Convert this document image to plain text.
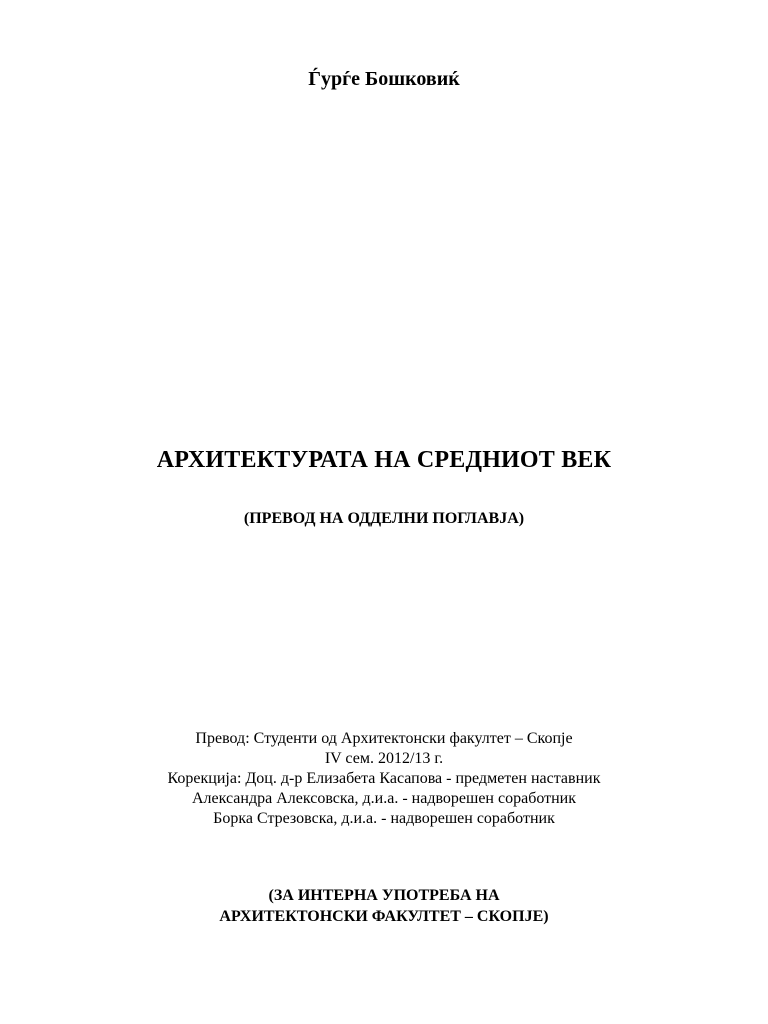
Ѓурѓе Бошковиќ
АРХИТЕКТУРАТА НА СРЕДНИОТ ВЕК
(ПРЕВОД НА ОДДЕЛНИ ПОГЛАВЈА)
Превод: Студенти од Архитектонски факултет – Скопје
IV сем. 2012/13 г.
Корекција: Доц. д-р Елизабета Касапова - предметен наставник
Александра Алексовска, д.и.а. - надворешен соработник
Борка Стрезовска, д.и.а. - надворешен соработник
(ЗА ИНТЕРНА УПОТРЕБА НА
АРХИТЕКТОНСКИ ФАКУЛТЕТ – СКОПЈЕ)
